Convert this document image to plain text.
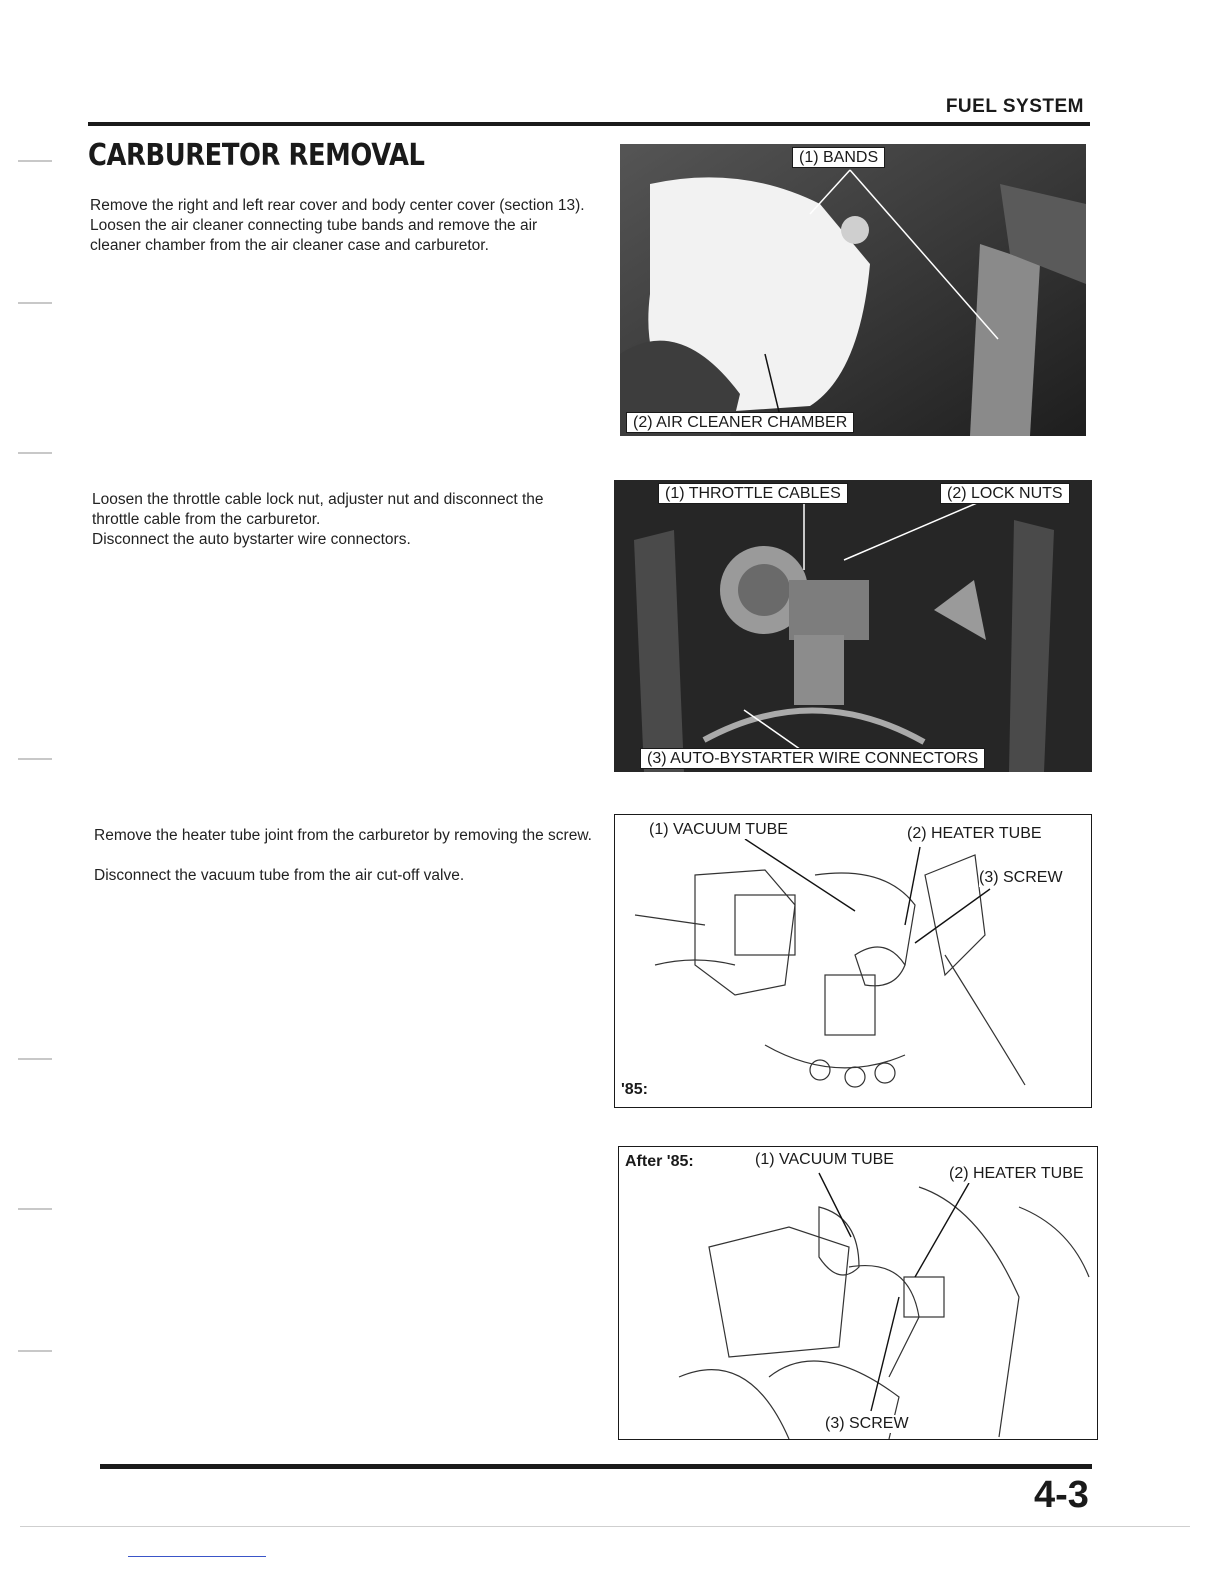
FUEL SYSTEM
CARBURETOR REMOVAL

Remove the right and left rear cover and body center cover (section 13).

Loosen the air cleaner connecting tube bands and remove the air cleaner chamber from the air cleaner case and carburetor.

(1) BANDS
(2) AIR CLEANER CHAMBER

Loosen the throttle cable lock nut, adjuster nut and disconnect the throttle cable from the carburetor.

Disconnect the auto bystarter wire connectors.

(1) THROTTLE CABLES	(2) LOCK NUTS
(3) AUTO-BYSTARTER WIRE CONNECTORS

Remove the heater tube joint from the carburetor by removing the screw.

Disconnect the vacuum tube from the air cut-off valve.

(1) VACUUM TUBE	(2) HEATER TUBE
(3) SCREW
'85:
After '85:	(1) VACUUM TUBE
(2) HEATER TUBE
(3) SCREW
4-3
